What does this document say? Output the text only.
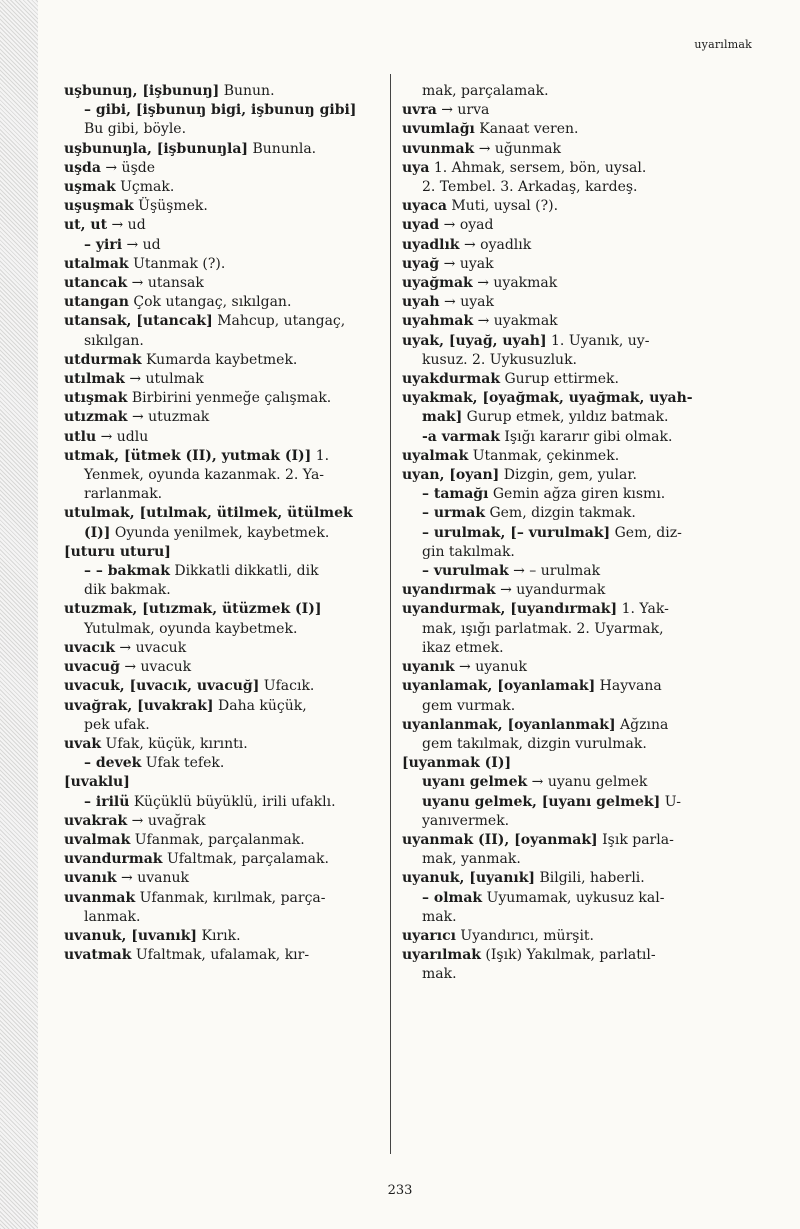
uyarılmak
uşbunuŋ, [işbunuŋ] Bunun.
– gibi, [işbunuŋ bigi, işbunuŋ gibi]
Bu gibi, böyle.
uşbunuŋla, [işbunuŋla] Bununla.
uşda → üşde
uşmak Uçmak.
uşuşmak Üşüşmek.
ut, ut → ud
– yiri → ud
utalmak Utanmak (?).
utancak → utansak
utangan Çok utangaç, sıkılgan.
utansak, [utancak] Mahcup, utangaç,
sıkılgan.
utdurmak Kumarda kaybetmek.
utılmak → utulmak
utışmak Birbirini yenmeğe çalışmak.
utızmak → utuzmak
utlu → udlu
utmak, [ütmek (II), yutmak (I)] 1.
Yenmek, oyunda kazanmak. 2. Ya-
rarlanmak.
utulmak, [utılmak, ütilmek, ütülmek
(I)] Oyunda yenilmek, kaybetmek.
[uturu uturu]
– – bakmak Dikkatli dikkatli, dik
dik bakmak.
utuzmak, [utızmak, ütüzmek (I)]
Yutulmak, oyunda kaybetmek.
uvacık → uvacuk
uvacuğ → uvacuk
uvacuk, [uvacık, uvacuğ] Ufacık.
uvağrak, [uvakrak] Daha küçük,
pek ufak.
uvak Ufak, küçük, kırıntı.
– devek Ufak tefek.
[uvaklu]
– irilü Küçüklü büyüklü, irili ufaklı.
uvakrak → uvağrak
uvalmak Ufanmak, parçalanmak.
uvandurmak Ufaltmak, parçalamak.
uvanık → uvanuk
uvanmak Ufanmak, kırılmak, parça-
lanmak.
uvanuk, [uvanık] Kırık.
uvatmak Ufaltmak, ufalamak, kır-
mak, parçalamak.
uvra → urva
uvumlağı Kanaat veren.
uvunmak → uğunmak
uya 1. Ahmak, sersem, bön, uysal.
2. Tembel. 3. Arkadaş, kardeş.
uyaca Muti, uysal (?).
uyad → oyad
uyadlık → oyadlık
uyağ → uyak
uyağmak → uyakmak
uyah → uyak
uyahmak → uyakmak
uyak, [uyağ, uyah] 1. Uyanık, uy-
kusuz. 2. Uykusuzluk.
uyakdurmak Gurup ettirmek.
uyakmak, [oyağmak, uyağmak, uyah-
mak] Gurup etmek, yıldız batmak.
-a varmak Işığı kararır gibi olmak.
uyalmak Utanmak, çekinmek.
uyan, [oyan] Dizgin, gem, yular.
– tamağı Gemin ağza giren kısmı.
– urmak Gem, dizgin takmak.
– urulmak, [– vurulmak] Gem, diz-
gin takılmak.
– vurulmak → – urulmak
uyandırmak → uyandurmak
uyandurmak, [uyandırmak] 1. Yak-
mak, ışığı parlatmak. 2. Uyarmak,
ikaz etmek.
uyanık → uyanuk
uyanlamak, [oyanlamak] Hayvana
gem vurmak.
uyanlanmak, [oyanlanmak] Ağzına
gem takılmak, dizgin vurulmak.
[uyanmak (I)]
uyanı gelmek → uyanu gelmek
uyanu gelmek, [uyanı gelmek] U-
yanıvermek.
uyanmak (II), [oyanmak] Işık parla-
mak, yanmak.
uyanuk, [uyanık] Bilgili, haberli.
– olmak Uyumamak, uykusuz kal-
mak.
uyarıcı Uyandırıcı, mürşit.
uyarılmak (Işık) Yakılmak, parlatıl-
mak.
233
